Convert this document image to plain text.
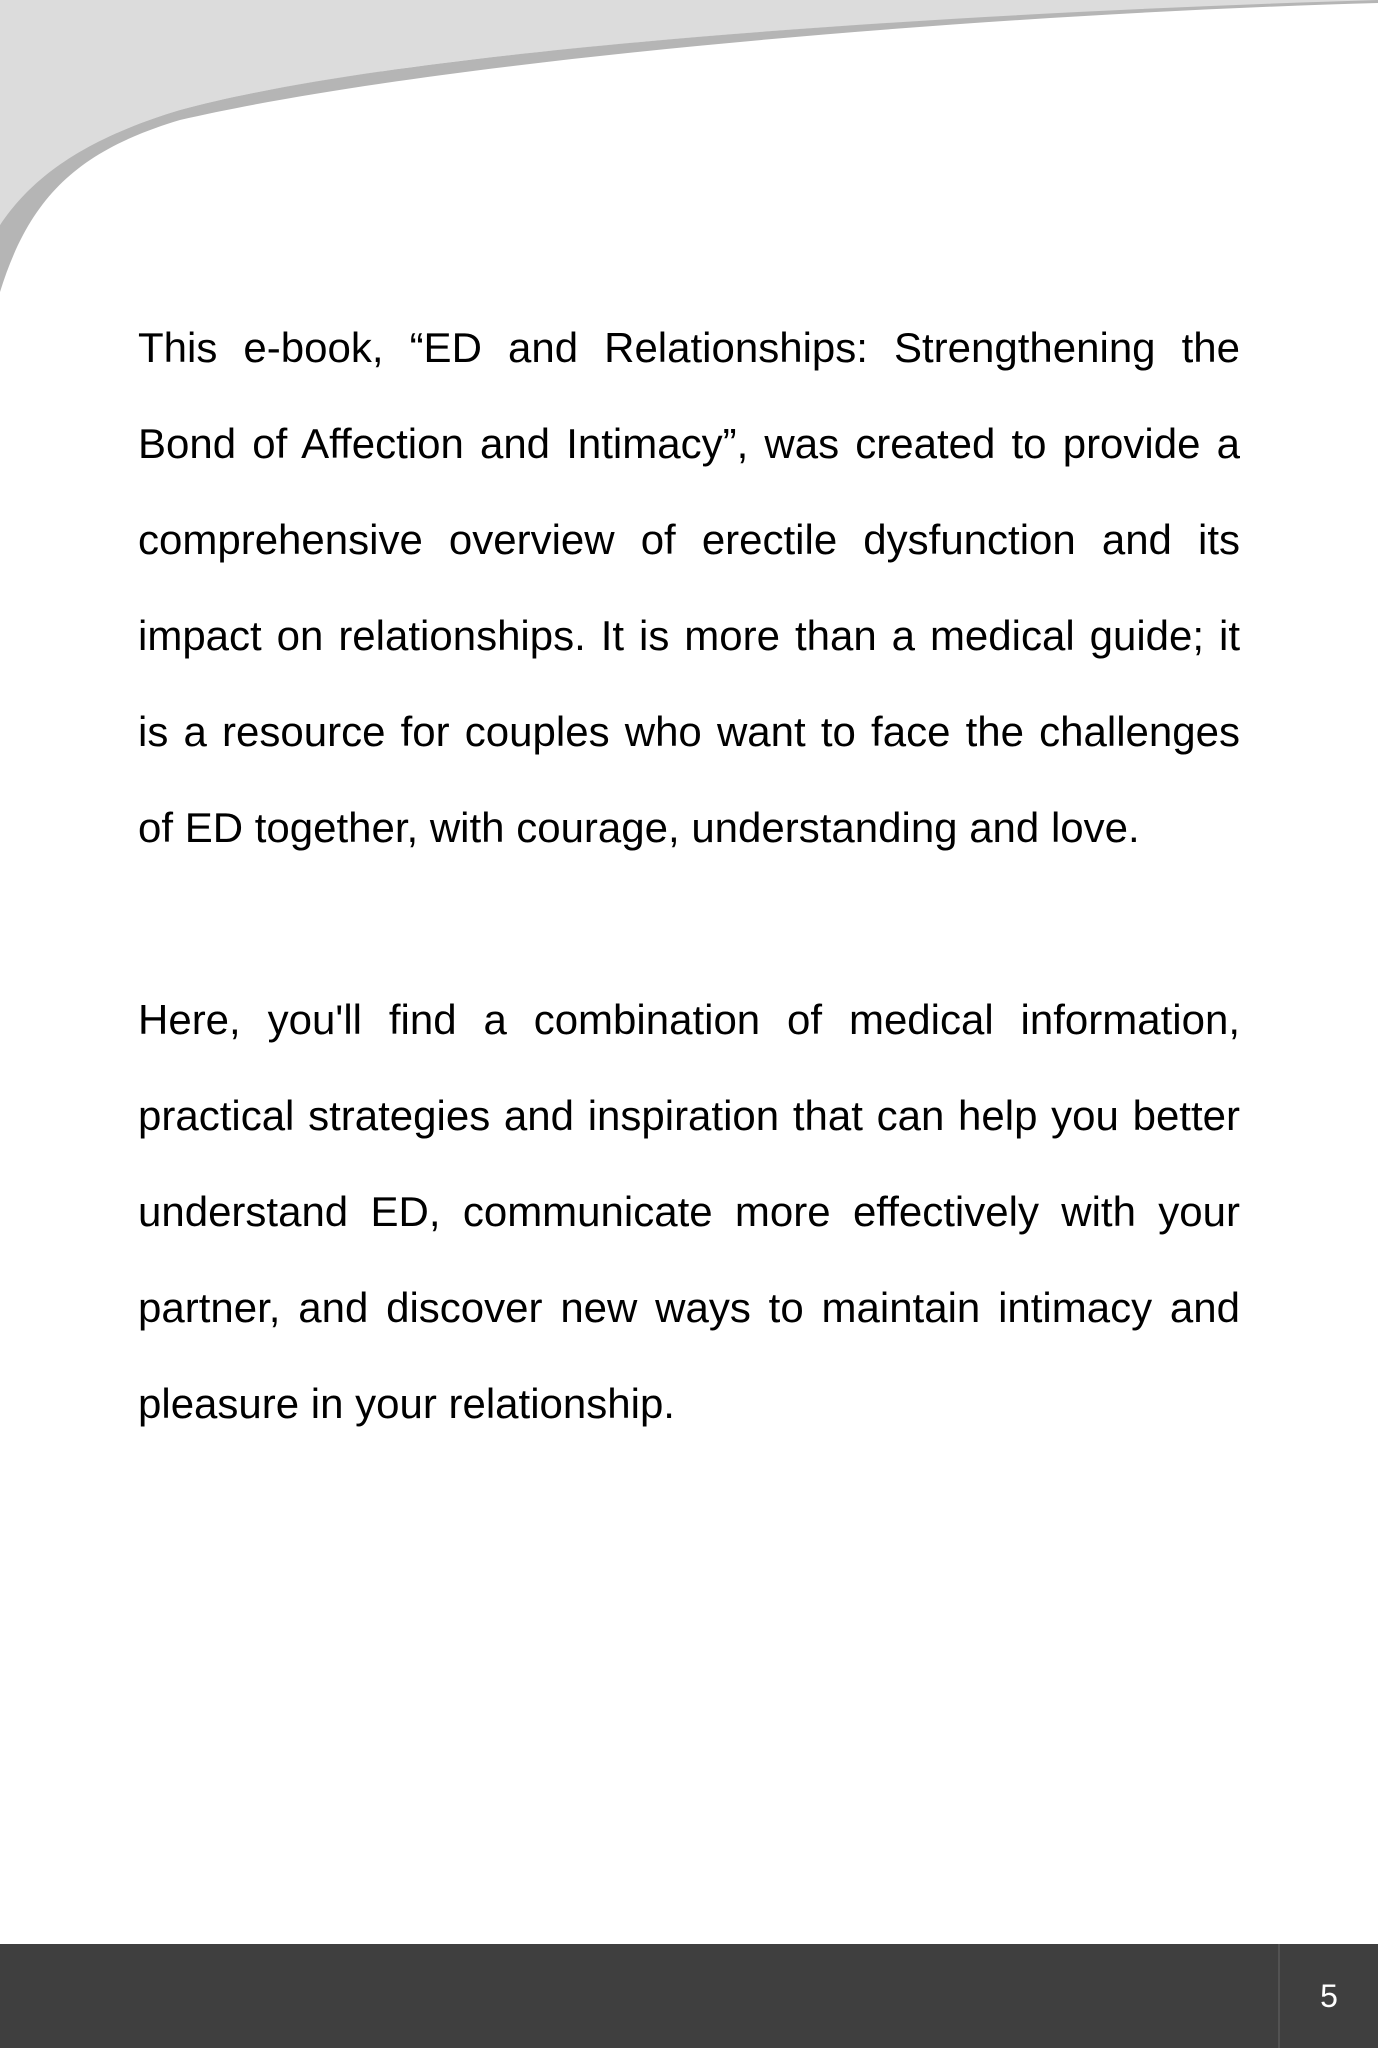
This e-book, “ED and Relationships: Strengthening the Bond of Affection and Intimacy”, was created to provide a comprehensive overview of erectile dysfunction and its impact on relationships. It is more than a medical guide; it is a resource for couples who want to face the challenges of ED together, with courage, understanding and love.

Here, you'll find a combination of medical information, practical strategies and inspiration that can help you better understand ED, communicate more effectively with your partner, and discover new ways to maintain intimacy and pleasure in your relationship.

5
